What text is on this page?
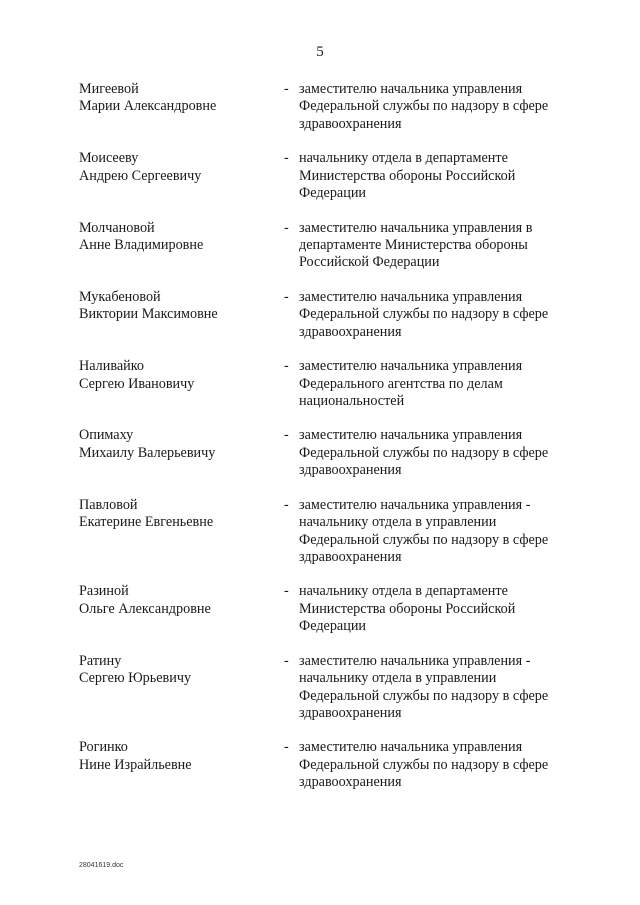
5
Мигеевой
Марии Александровне
- заместителю начальника управления
Федеральной службы по надзору в сфере
здравоохранения
Моисееву
Андрею Сергеевичу
- начальнику отдела в департаменте
Министерства обороны Российской
Федерации
Молчановой
Анне Владимировне
- заместителю начальника управления в
департаменте Министерства обороны
Российской Федерации
Мукабеновой
Виктории Максимовне
- заместителю начальника управления
Федеральной службы по надзору в сфере
здравоохранения
Наливайко
Сергею Ивановичу
- заместителю начальника управления
Федерального агентства по делам
национальностей
Опимаху
Михаилу Валерьевичу
- заместителю начальника управления
Федеральной службы по надзору в сфере
здравоохранения
Павловой
Екатерине Евгеньевне
- заместителю начальника управления -
начальнику отдела в управлении
Федеральной службы по надзору в сфере
здравоохранения
Разиной
Ольге Александровне
- начальнику отдела в департаменте
Министерства обороны Российской
Федерации
Ратину
Сергею Юрьевичу
- заместителю начальника управления -
начальнику отдела в управлении
Федеральной службы по надзору в сфере
здравоохранения
Рогинко
Нине Израйльевне
- заместителю начальника управления
Федеральной службы по надзору в сфере
здравоохранения
28041619.doc
